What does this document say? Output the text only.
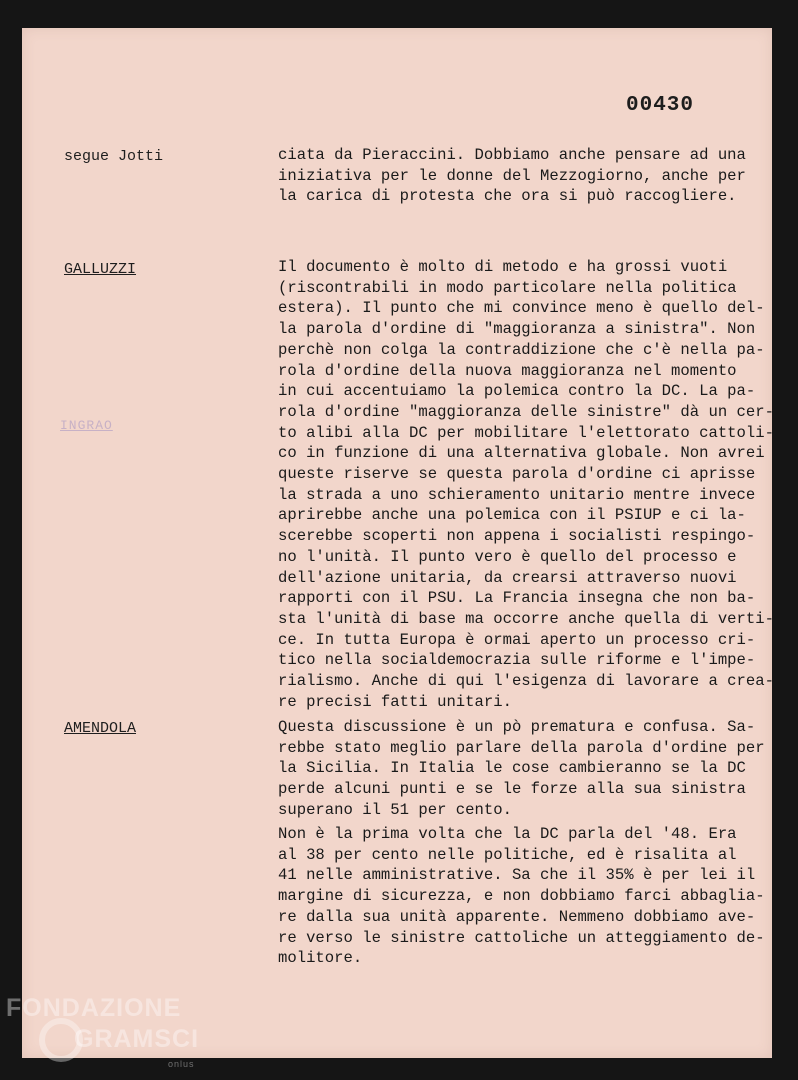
00430
INGRAO

segue Jotti

GALLUZZI

AMENDOLA

ciata da Pieraccini. Dobbiamo anche pensare ad una
iniziativa per le donne del Mezzogiorno, anche per
la carica di protesta che ora si può raccogliere.
Il documento è molto di metodo e ha grossi vuoti
(riscontrabili in modo particolare nella politica
estera). Il punto che mi convince meno è quello del-
la parola d'ordine di "maggioranza a sinistra". Non
perchè non colga la contraddizione che c'è nella pa-
rola d'ordine della nuova maggioranza nel momento
in cui accentuiamo la polemica contro la DC. La pa-
rola d'ordine "maggioranza delle sinistre" dà un cer-
to alibi alla DC per mobilitare l'elettorato cattoli-
co in funzione di una alternativa globale. Non avrei
queste riserve se questa parola d'ordine ci aprisse
la strada a uno schieramento unitario mentre invece
aprirebbe anche una polemica con il PSIUP e ci la-
scerebbe scoperti non appena i socialisti respingo-
no l'unità. Il punto vero è quello del processo e
dell'azione unitaria, da crearsi attraverso nuovi
rapporti con il PSU. La Francia insegna che non ba-
sta l'unità di base ma occorre anche quella di verti-
ce. In tutta Europa è ormai aperto un processo cri-
tico nella socialdemocrazia sulle riforme e l'impe-
rialismo. Anche di qui l'esigenza di lavorare a crea-
re precisi fatti unitari.
Questa discussione è un pò prematura e confusa. Sa-
rebbe stato meglio parlare della parola d'ordine per
la Sicilia. In Italia le cose cambieranno se la DC
perde alcuni punti e se le forze alla sua sinistra
superano il 51 per cento.
Non è la prima volta che la DC parla del '48. Era
al 38 per cento nelle politiche, ed è risalita al
41 nelle amministrative. Sa che il 35% è per lei il
margine di sicurezza, e non dobbiamo farci abbaglia-
re dalla sua unità apparente. Nemmeno dobbiamo ave-
re verso le sinistre cattoliche un atteggiamento de-
molitore.
FONDAZIONE
GRAMSCI
onlus
